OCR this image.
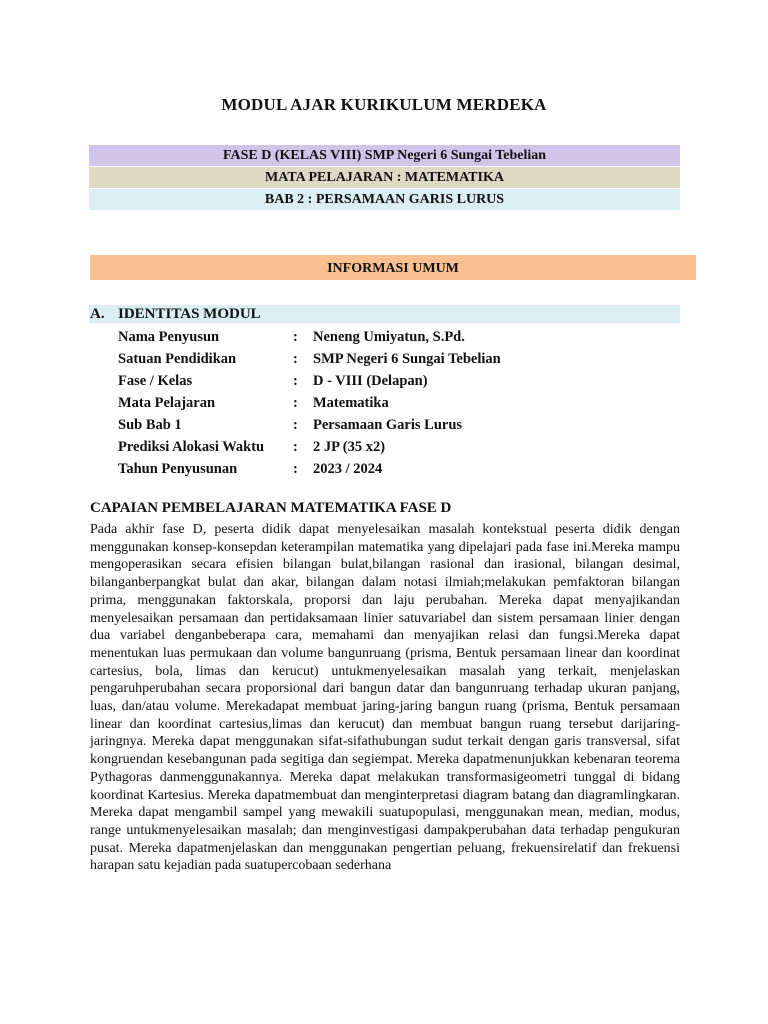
MODUL AJAR KURIKULUM MERDEKA
FASE D (KELAS VIII) SMP Negeri 6 Sungai Tebelian
MATA PELAJARAN : MATEMATIKA
BAB 2 : PERSAMAAN GARIS LURUS
INFORMASI UMUM
A. IDENTITAS MODUL
Nama Penyusun	: Neneng Umiyatun, S.Pd.
Satuan Pendidikan	: SMP Negeri 6 Sungai Tebelian
Fase / Kelas	: D - VIII (Delapan)
Mata Pelajaran	: Matematika
Sub Bab 1	: Persamaan Garis Lurus
Prediksi Alokasi Waktu : 2 JP (35 x2)
Tahun Penyusunan	: 2023 / 2024
CAPAIAN PEMBELAJARAN MATEMATIKA FASE D
Pada akhir fase D, peserta didik dapat menyelesaikan masalah kontekstual peserta didik dengan menggunakan konsep-konsepdan keterampilan matematika yang dipelajari pada fase ini.Mereka mampu mengoperasikan secara efisien bilangan bulat,bilangan rasional dan irasional, bilangan desimal, bilanganberpangkat bulat dan akar, bilangan dalam notasi ilmiah;melakukan pemfaktoran bilangan prima, menggunakan faktorskala, proporsi dan laju perubahan. Mereka dapat menyajikandan menyelesaikan persamaan dan pertidaksamaan linier satuvariabel dan sistem persamaan linier dengan dua variabel denganbeberapa cara, memahami dan menyajikan relasi dan fungsi.Mereka dapat menentukan luas permukaan dan volume bangunruang (prisma, Bentuk persamaan linear dan koordinat cartesius, bola, limas dan kerucut) untukmenyelesaikan masalah yang terkait, menjelaskan pengaruhperubahan secara proporsional dari bangun datar dan bangunruang terhadap ukuran panjang, luas, dan/atau volume. Merekadapat membuat jaring-jaring bangun ruang (prisma, Bentuk persamaan linear dan koordinat cartesius,limas dan kerucut) dan membuat bangun ruang tersebut darijaring-jaringnya. Mereka dapat menggunakan sifat-sifathubungan sudut terkait dengan garis transversal, sifat kongruendan kesebangunan pada segitiga dan segiempat. Mereka dapatmenunjukkan kebenaran teorema Pythagoras danmenggunakannya. Mereka dapat melakukan transformasigeometri tunggal di bidang koordinat Kartesius. Mereka dapatmembuat dan menginterpretasi diagram batang dan diagramlingkaran. Mereka dapat mengambil sampel yang mewakili suatupopulasi, menggunakan mean, median, modus, range untukmenyelesaikan masalah; dan menginvestigasi dampakperubahan data terhadap pengukuran pusat. Mereka dapatmenjelaskan dan menggunakan pengertian peluang, frekuensirelatif dan frekuensi harapan satu kejadian pada suatupercobaan sederhana
